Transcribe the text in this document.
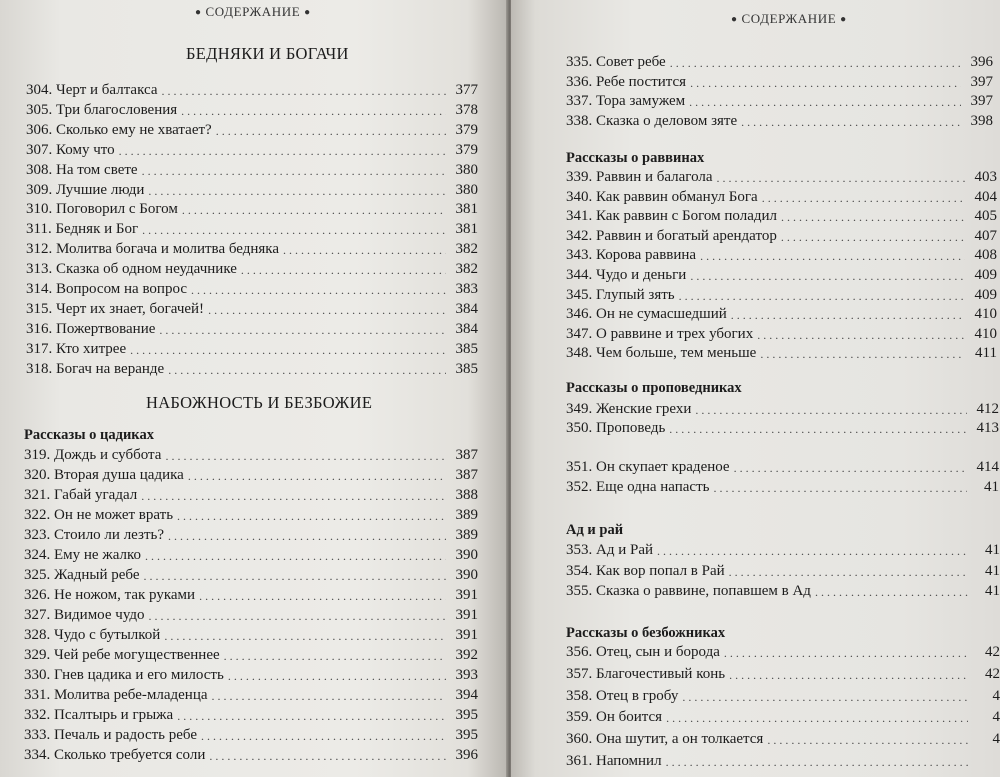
● СОДЕРЖАНИЕ ●
БЕДНЯКИ И БОГАЧИ
304. Черт и балтакса . . .	377
305. Три благословения . . .	378
306. Сколько ему не хватает? . . .	379
307. Кому что . . .	379
308. На том свете . . .	380
309. Лучшие люди . . .	380
310. Поговорил с Богом . . .	381
311. Бедняк и Бог . . .	381
312. Молитва богача и молитва бедняка . . .	382
313. Сказка об одном неудачнике . . .	382
314. Вопросом на вопрос . . .	383
315. Черт их знает, богачей! . . .	384
316. Пожертвование . . .	384
317. Кто хитрее . . .	385
318. Богач на веранде . . .	385
НАБОЖНОСТЬ И БЕЗБОЖИЕ
Рассказы о цадиках
319. Дождь и суббота . . .	387
320. Вторая душа цадика . . .	387
321. Габай угадал . . .	388
322. Он не может врать . . .	389
323. Стоило ли лезть? . . .	389
324. Ему не жалко . . .	390
325. Жадный ребе . . .	390
326. Не ножом, так руками . . .	391
327. Видимое чудо . . .	391
328. Чудо с бутылкой . . .	391
329. Чей ребе могущественнее . . .	392
330. Гнев цадика и его милость . . .	393
331. Молитва ребе-младенца . . .	394
332. Псалтырь и грыжа . . .	395
333. Печаль и радость ребе . . .	395
334. Сколько требуется соли . . .	396
● СОДЕРЖАНИЕ ●
335. Совет ребе . . .	396
336. Ребе постится . . .	397
337. Тора замужем . . .	397
338. Сказка о деловом зяте . . .	398
Рассказы о раввинах
339. Раввин и балагола . . .	403
340. Как раввин обманул Бога . . .	404
341. Как раввин с Богом поладил . . .	405
342. Раввин и богатый арендатор . . .	407
343. Корова раввина . . .	408
344. Чудо и деньги . . .	409
345. Глупый зять . . .	409
346. Он не сумасшедший . . .	410
347. О раввине и трех убогих . . .	410
348. Чем больше, тем меньше . . .	411
Рассказы о проповедниках
349. Женские грехи . . .	412
350. Проповедь . . .	413
351. Он скупает краденое . . .	414
352. Еще одна напасть . . .	41
Ад и рай
353. Ад и Рай . . .	41
354. Как вор попал в Рай . . .	41
355. Сказка о раввине, попавшем в Ад . . .	41
Рассказы о безбожниках
356. Отец, сын и борода . . .	42
357. Благочестивый конь . . .	42
358. Отец в гробу . . .	4
359. Он боится . . .	4
360. Она шутит, а он толкается . . .	4
361. Напомнил
. . .
